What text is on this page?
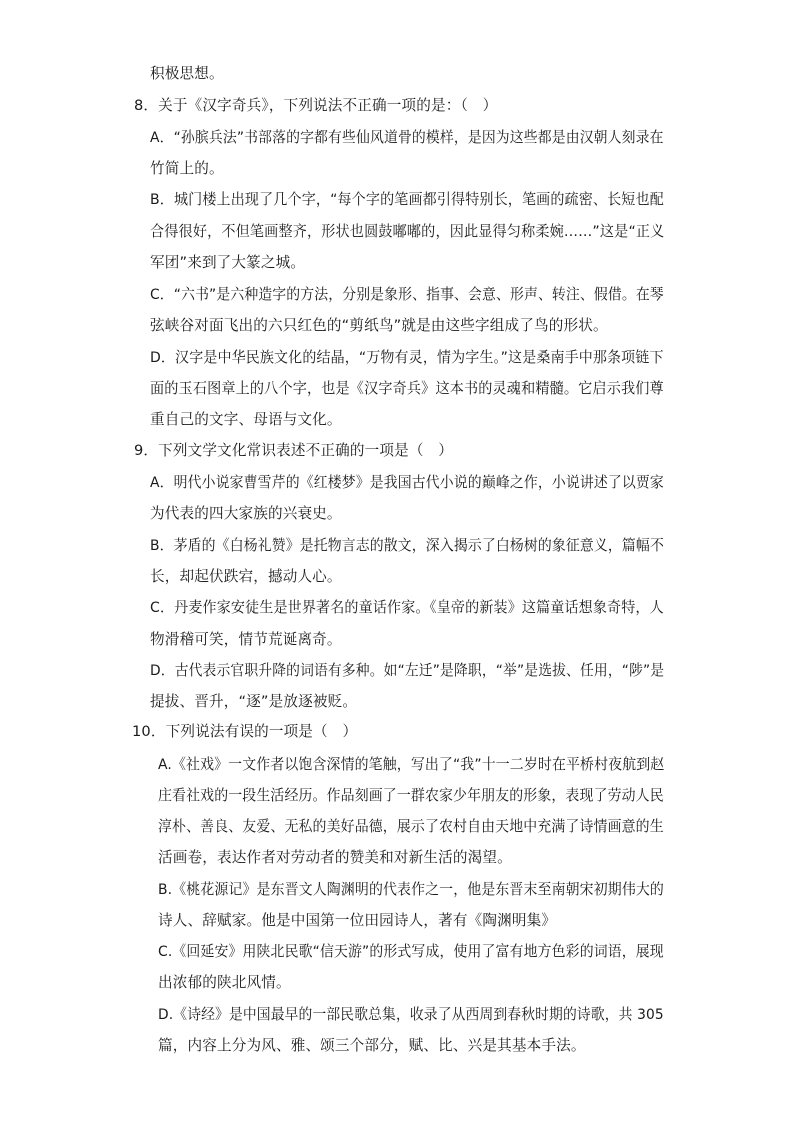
积极思想。
8．关于《汉字奇兵》，下列说法不正确一项的是：（　）
A．“孙膑兵法”书部落的字都有些仙风道骨的模样，是因为这些都是由汉朝人刻录在
竹简上的。
B．城门楼上出现了几个字，“每个字的笔画都引得特别长，笔画的疏密、长短也配
合得很好，不但笔画整齐，形状也圆鼓嘟嘟的，因此显得匀称柔婉……”这是“正义
军团”来到了大篆之城。
C．“六书”是六种造字的方法，分别是象形、指事、会意、形声、转注、假借。在琴
弦峡谷对面飞出的六只红色的“剪纸鸟”就是由这些字组成了鸟的形状。
D．汉字是中华民族文化的结晶，“万物有灵，情为字生。”这是桑南手中那条项链下
面的玉石图章上的八个字，也是《汉字奇兵》这本书的灵魂和精髓。它启示我们尊
重自己的文字、母语与文化。
9．下列文学文化常识表述不正确的一项是（　）
A．明代小说家曹雪芹的《红楼梦》是我国古代小说的巅峰之作，小说讲述了以贾家
为代表的四大家族的兴衰史。
B．茅盾的《白杨礼赞》是托物言志的散文，深入揭示了白杨树的象征意义，篇幅不
长，却起伏跌宕，撼动人心。
C．丹麦作家安徒生是世界著名的童话作家。《皇帝的新装》这篇童话想象奇特，人
物滑稽可笑，情节荒诞离奇。
D．古代表示官职升降的词语有多种。如“左迁”是降职，“举”是选拔、任用，“陟”是
提拔、晋升，“逐”是放逐被贬。
10．下列说法有误的一项是（　）
A.《社戏》一文作者以饱含深情的笔触，写出了“我”十一二岁时在平桥村夜航到赵
庄看社戏的一段生活经历。作品刻画了一群农家少年朋友的形象，表现了劳动人民
淳朴、善良、友爱、无私的美好品德，展示了农村自由天地中充满了诗情画意的生
活画卷，表达作者对劳动者的赞美和对新生活的渴望。
B.《桃花源记》是东晋文人陶渊明的代表作之一，他是东晋末至南朝宋初期伟大的
诗人、辞赋家。他是中国第一位田园诗人，著有《陶渊明集》
C.《回延安》用陕北民歌“信天游”的形式写成，使用了富有地方色彩的词语，展现
出浓郁的陕北风情。
D.《诗经》是中国最早的一部民歌总集，收录了从西周到春秋时期的诗歌，共 305
篇，内容上分为风、雅、颂三个部分，赋、比、兴是其基本手法。
